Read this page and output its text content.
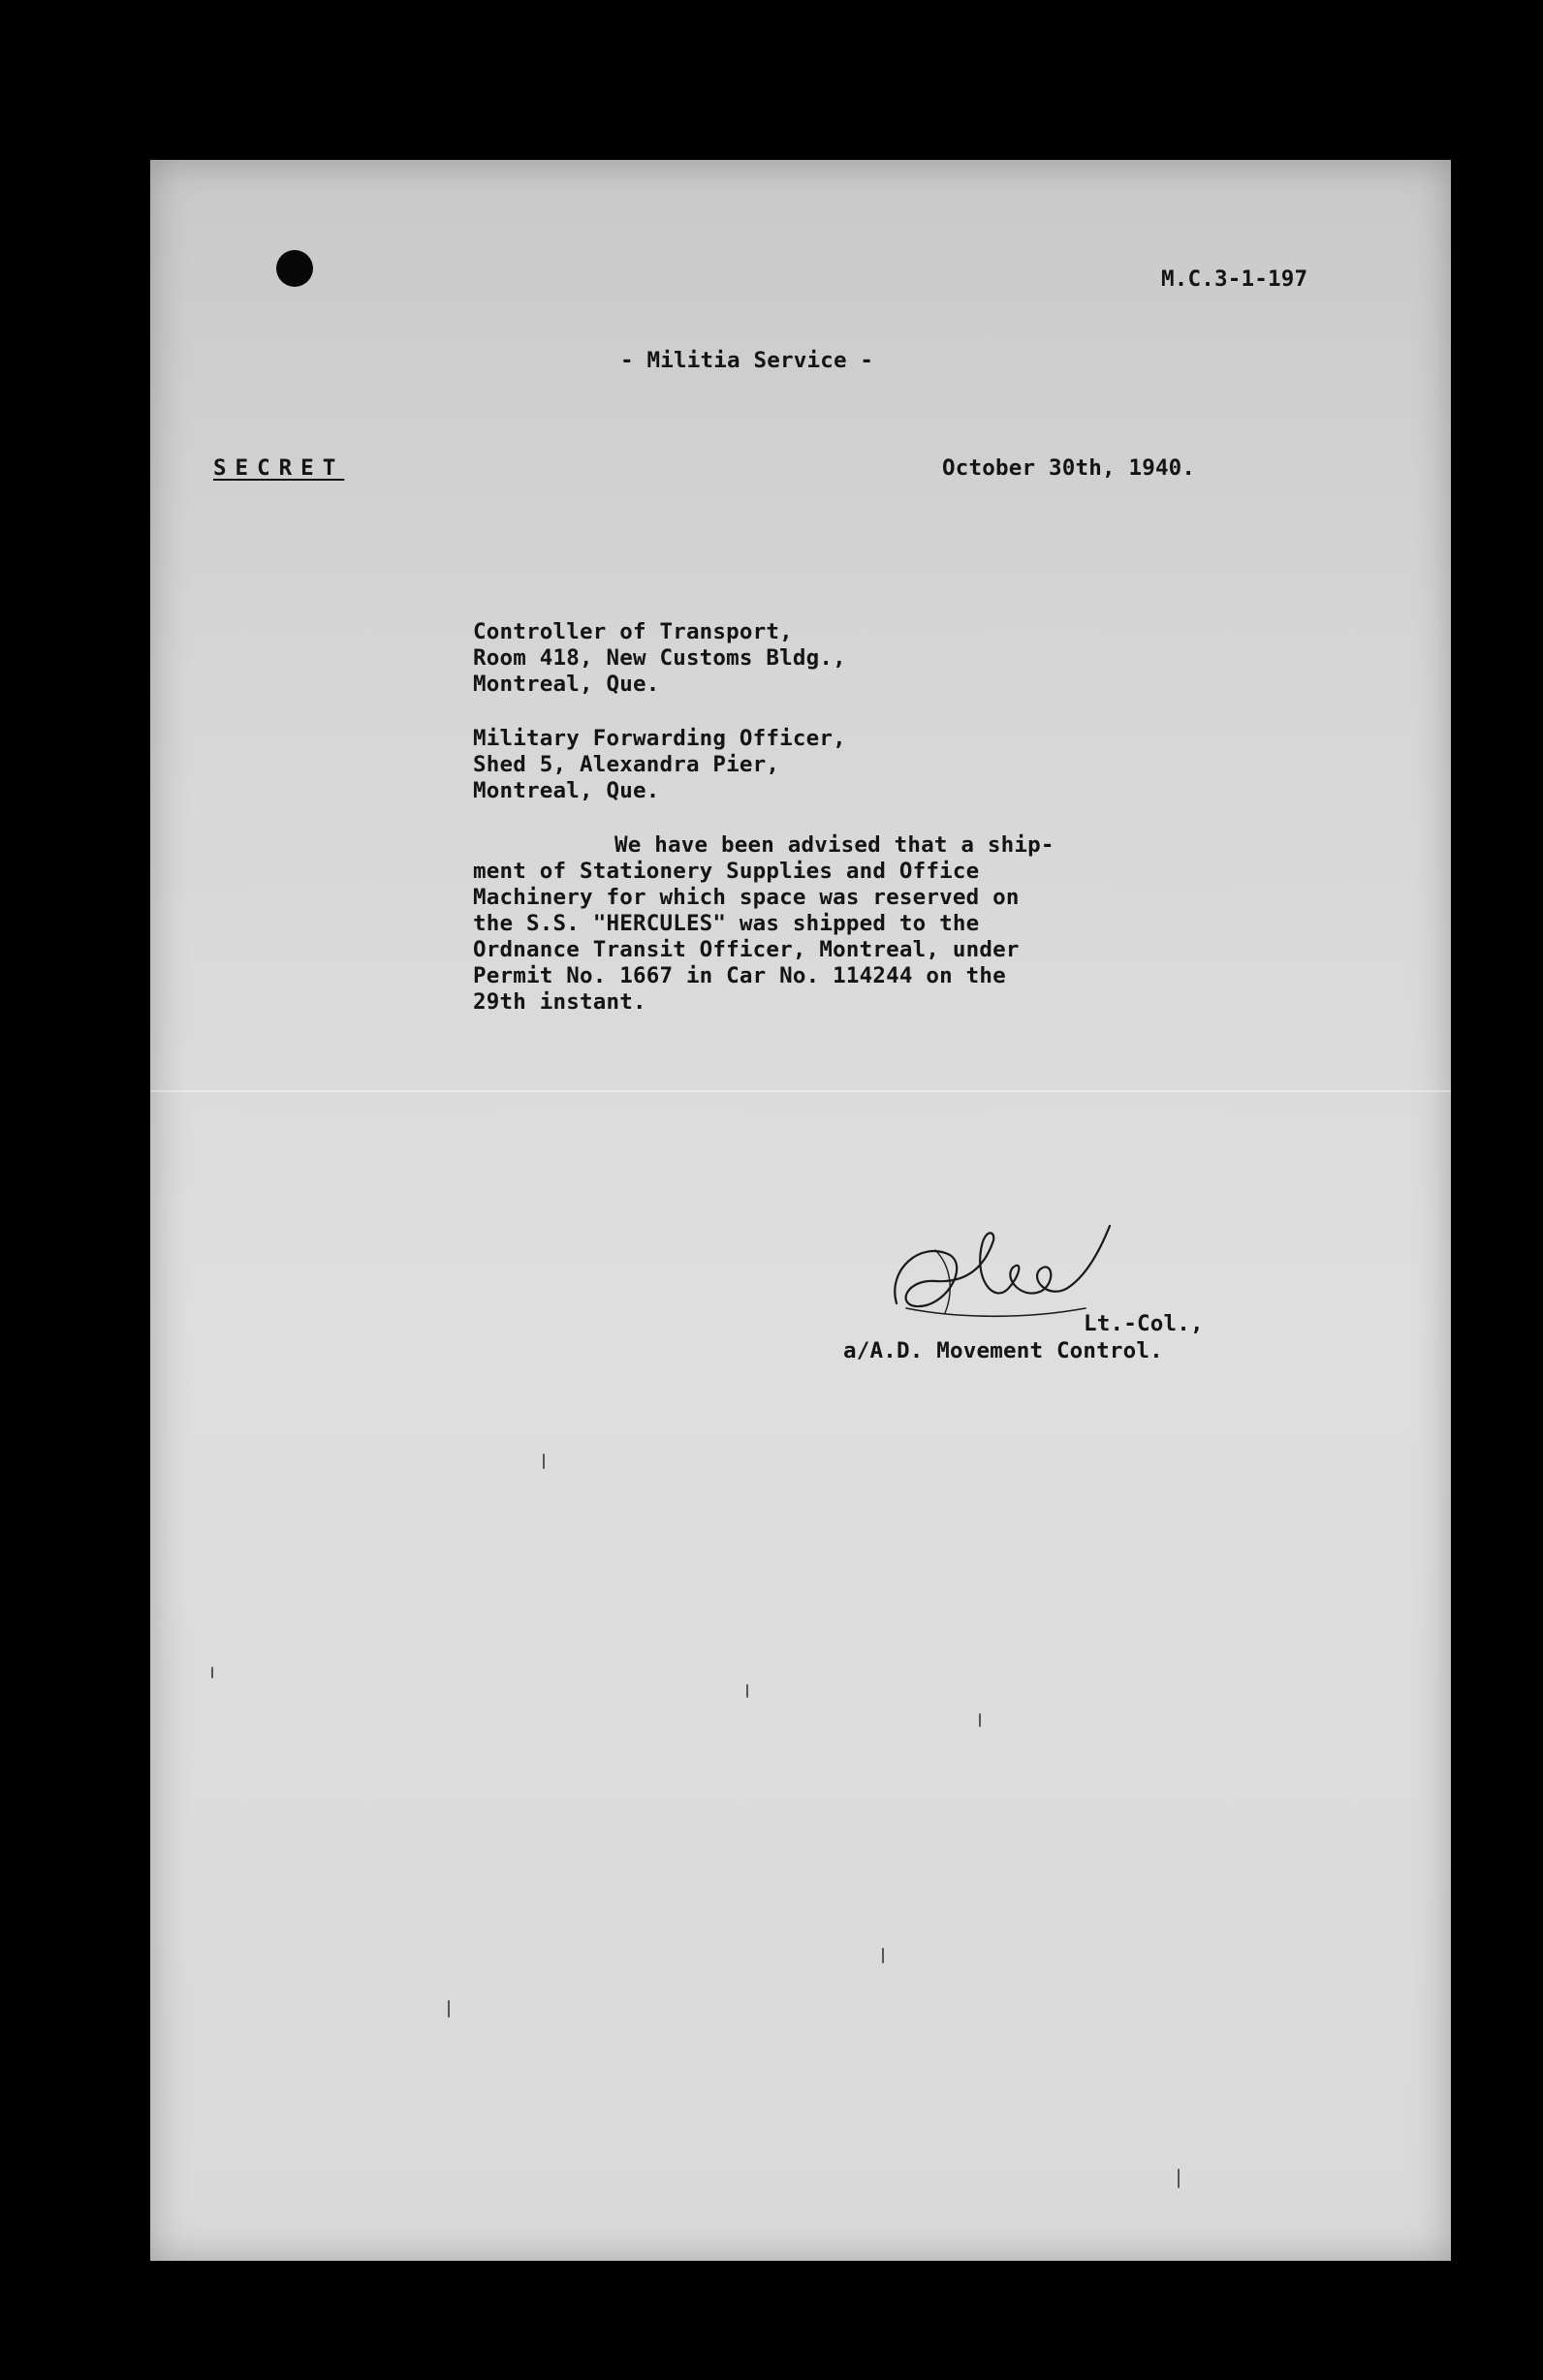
M.C.3-1-197
- Militia Service -
SECRET	October 30th, 1940.
Controller of Transport,
Room 418, New Customs Bldg.,
Montreal, Que.
Military Forwarding Officer,
Shed 5, Alexandra Pier,
Montreal, Que.
We have been advised that a ship-
ment of Stationery Supplies and Office
Machinery for which space was reserved on
the S.S. "HERCULES" was shipped to the
Ordnance Transit Officer, Montreal, under
Permit No. 1667 in Car No. 114244 on the
29th instant.
Lt.-Col.,
a/A.D. Movement Control.
